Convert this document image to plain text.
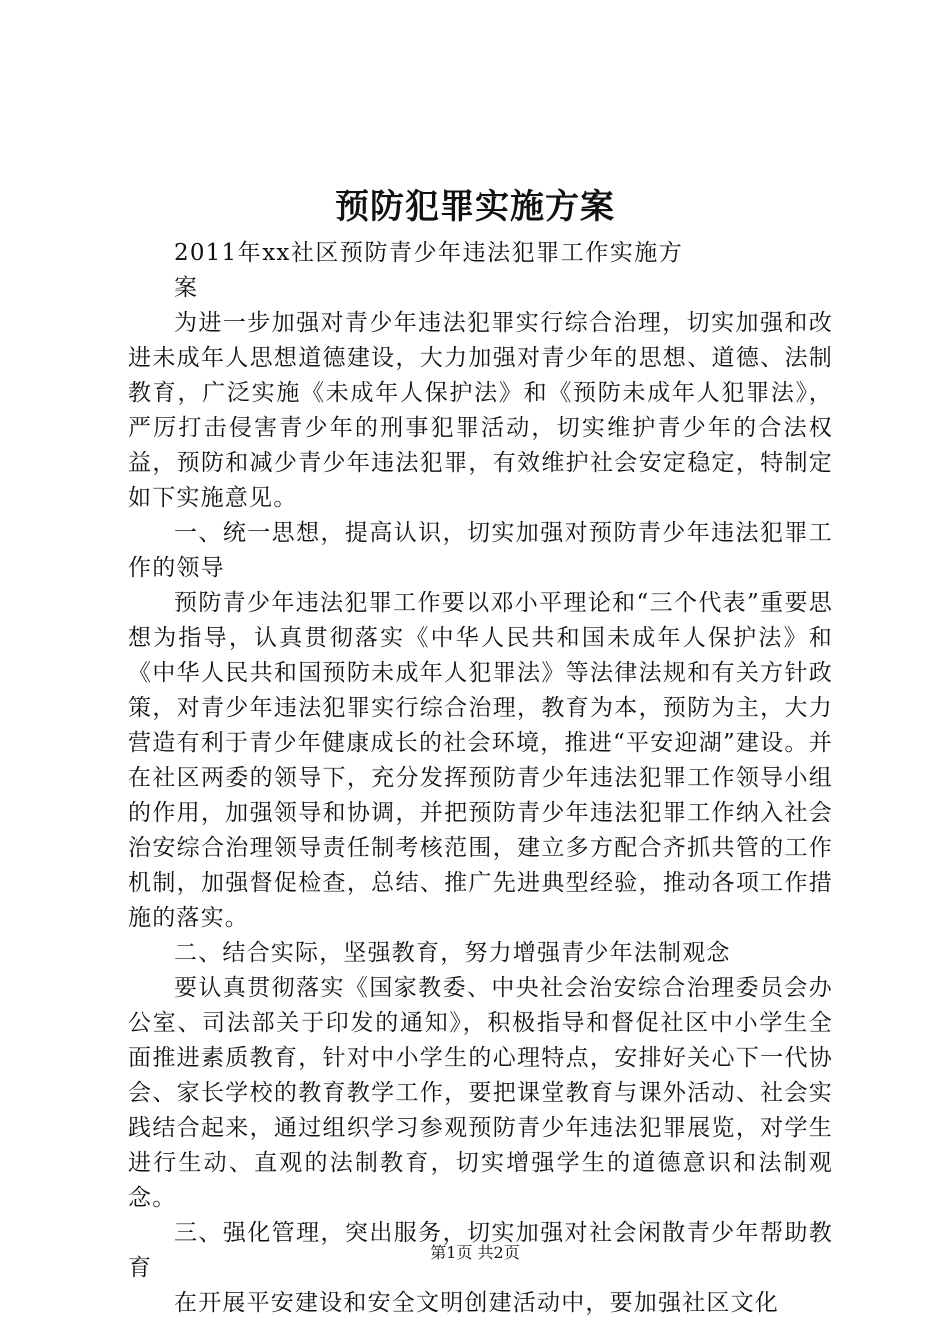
预防犯罪实施方案

2011年xx社区预防青少年违法犯罪工作实施方案

为进一步加强对青少年违法犯罪实行综合治理，切实加强和改进未成年人思想道德建设，大力加强对青少年的思想、道德、法制教育，广泛实施《未成年人保护法》和《预防未成年人犯罪法》，严厉打击侵害青少年的刑事犯罪活动，切实维护青少年的合法权益，预防和减少青少年违法犯罪，有效维护社会安定稳定，特制定如下实施意见。

一、统一思想，提高认识，切实加强对预防青少年违法犯罪工作的领导

预防青少年违法犯罪工作要以邓小平理论和“三个代表”重要思想为指导，认真贯彻落实《中华人民共和国未成年人保护法》和《中华人民共和国预防未成年人犯罪法》等法律法规和有关方针政策，对青少年违法犯罪实行综合治理，教育为本，预防为主，大力营造有利于青少年健康成长的社会环境，推进“平安迎湖”建设。并在社区两委的领导下，充分发挥预防青少年违法犯罪工作领导小组的作用，加强领导和协调，并把预防青少年违法犯罪工作纳入社会治安综合治理领导责任制考核范围，建立多方配合齐抓共管的工作机制，加强督促检查，总结、推广先进典型经验，推动各项工作措施的落实。

二、结合实际，坚强教育，努力增强青少年法制观念

要认真贯彻落实《国家教委、中央社会治安综合治理委员会办公室、司法部关于印发的通知》，积极指导和督促社区中小学生全面推进素质教育，针对中小学生的心理特点，安排好关心下一代协会、家长学校的教育教学工作，要把课堂教育与课外活动、社会实践结合起来，通过组织学习参观预防青少年违法犯罪展览，对学生进行生动、直观的法制教育，切实增强学生的道德意识和法制观念。

三、强化管理，突出服务，切实加强对社会闲散青少年帮助教育

在开展平安建设和安全文明创建活动中，要加强社区文化

第1页 共2页
